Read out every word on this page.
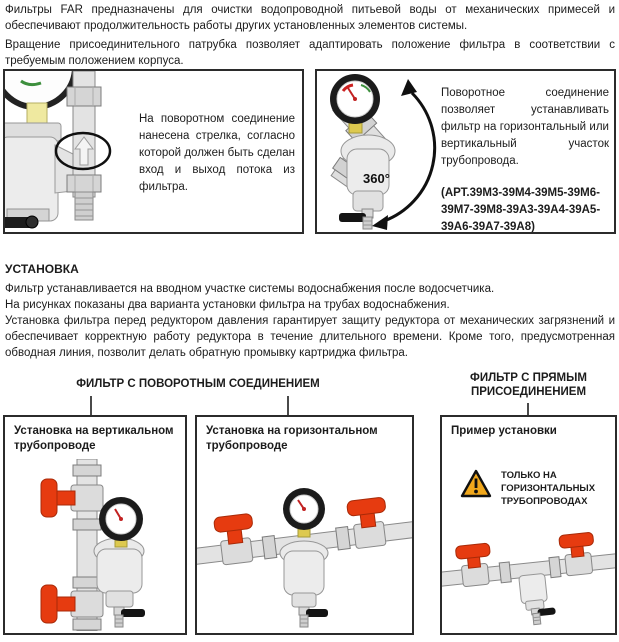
Фильтры FAR предназначены для очистки водопроводной питьевой воды от механических примесей и обеспечивают продолжительность работы других установленных элементов системы.
Вращение присоединительного патрубка позволяет адаптировать положение фильтра в соответствии с требуемым положением корпуса.
На поворотном соединение нанесена стрелка, согласно которой должен быть сделан вход и выход потока из фильтра.
360°
Поворотное соединение позволяет устанавливать фильтр на горизонтальный или вертикальный участок трубопровода.
(АРТ.39M3-39M4-39M5-39M6-39M7-39M8-39A3-39A4-39A5-39A6-39A7-39A8)
УСТАНОВКА
Фильтр устанавливается на вводном участке системы водоснабжения после водосчетчика.
На рисунках показаны два варианта установки фильтра на трубах водоснабжения.
Установка фильтра перед редуктором давления гарантирует защиту редуктора от механических загрязнений и обеспечивает корректную работу редуктора в течение длительного времени. Кроме того, предусмотренная обводная линия, позволит делать обратную промывку картриджа фильтра.
ФИЛЬТР С ПОВОРОТНЫМ СОЕДИНЕНИЕМ	ФИЛЬТР С ПРЯМЫМ ПРИСОЕДИНЕНИЕМ
Установка на вертикальном трубопроводе
Установка на горизонтальном трубопроводе
Пример установки
ТОЛЬКО НА ГОРИЗОНТАЛЬНЫХ ТРУБОПРОВОДАХ
